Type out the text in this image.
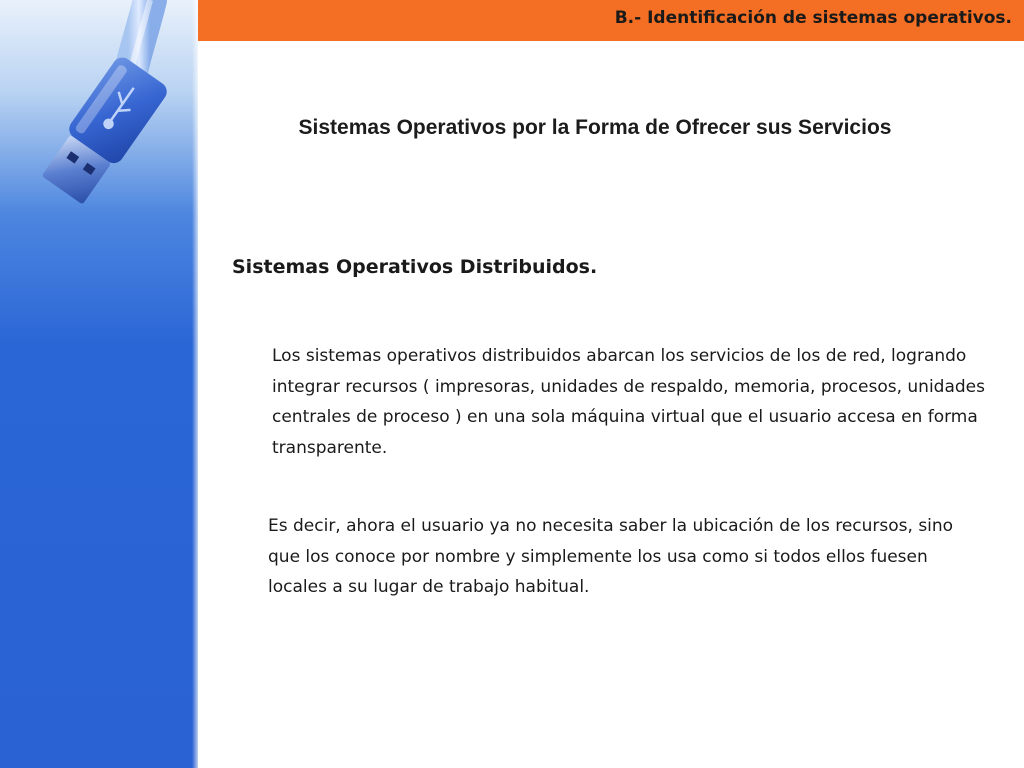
B.- Identificación de sistemas operativos.
Sistemas Operativos por la Forma de Ofrecer sus Servicios
Sistemas Operativos Distribuidos.
Los sistemas operativos distribuidos abarcan los servicios de los de red, logrando integrar recursos ( impresoras, unidades de respaldo, memoria, procesos, unidades centrales de proceso ) en una sola máquina virtual que el usuario accesa en forma transparente.
Es decir, ahora el usuario ya no necesita saber la ubicación de los recursos, sino que los conoce por nombre y simplemente los usa como si todos ellos fuesen locales a su lugar de trabajo habitual.
